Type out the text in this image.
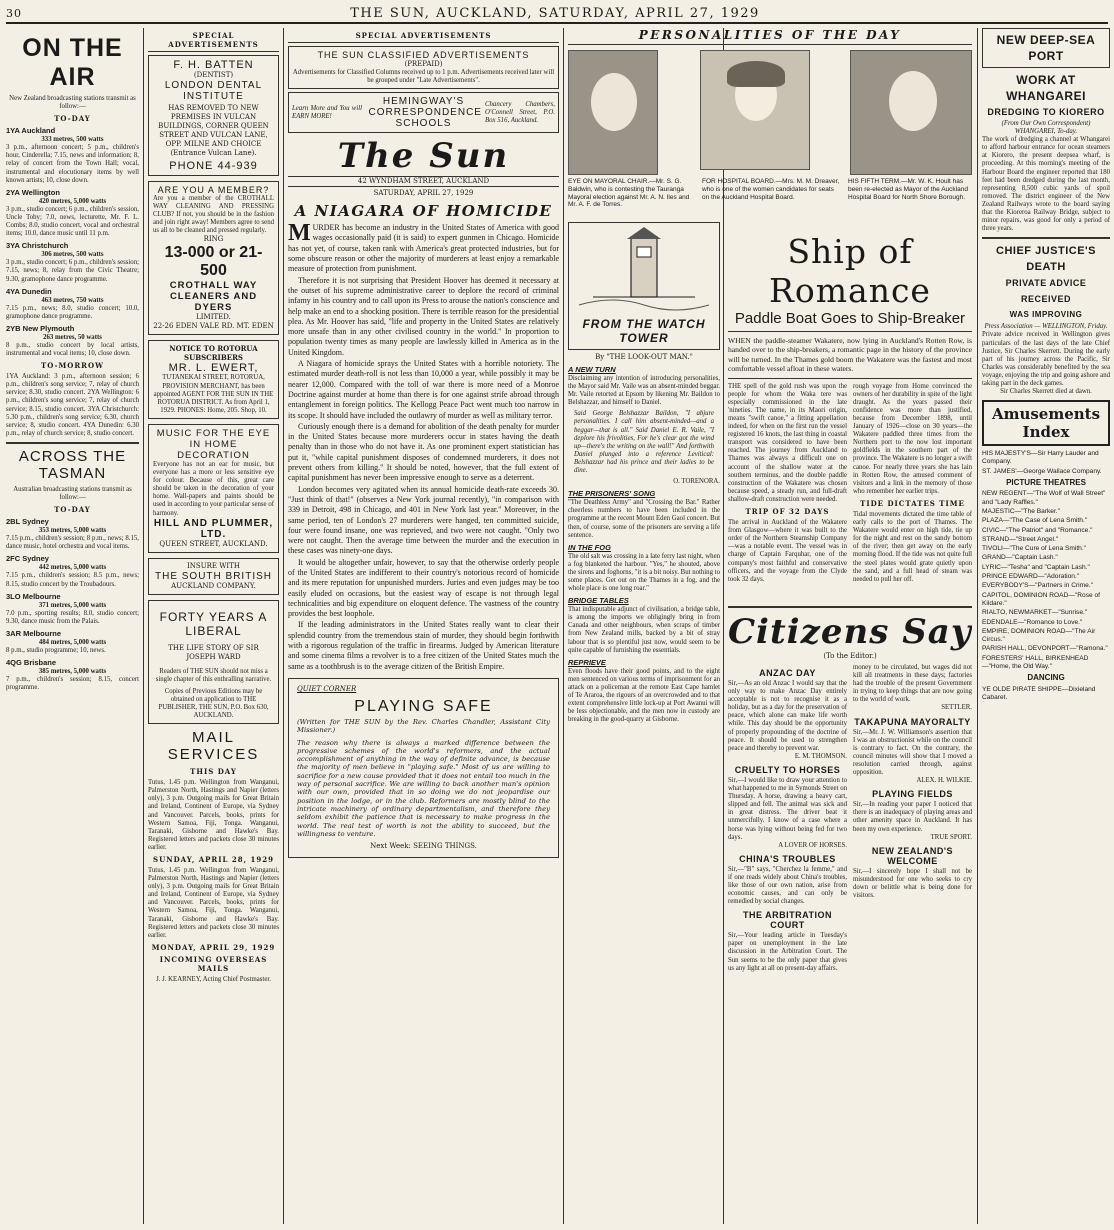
30	THE SUN, AUCKLAND, SATURDAY, APRIL 27, 1929
ON THE AIR
New Zealand broadcasting stations transmit as follow:—
TO-DAY
1YA Auckland
333 metres, 500 watts
3 p.m., afternoon concert; 5 p.m., children's hour, Cinderella; 7.15, news and information; 8, relay of concert from the Town Hall; vocal, instrumental and elocutionary items by well known artists; 10, close down.
2YA Wellington
420 metres, 5,000 watts
3 p.m., studio concert; 6 p.m., children's session, Uncle Toby; 7.0, news, lecturette, Mr. F. L. Combs; 8.0, studio concert, vocal and orchestral items; 10.0, dance music until 11 p.m.
3YA Christchurch
306 metres, 500 watts
3 p.m., studio concert; 6 p.m., children's session; 7.15, news; 8, relay from the Civic Theatre; 9.30, gramophone dance programme.
4YA Dunedin
463 metres, 750 watts
7.15 p.m., news; 8.0, studio concert; 10.0, gramophone dance programme.
2YB New Plymouth
263 metres, 50 watts
8 p.m., studio concert by local artists, instrumental and vocal items; 10, close down.
TO-MORROW
1YA Auckland: 3 p.m., afternoon session; 6 p.m., children's song service; 7, relay of church service; 8.30, studio concert. 2YA Wellington: 6 p.m., children's song service; 7, relay of church service; 8.15, studio concert. 3YA Christchurch: 5.30 p.m., children's song service; 6.30, church service; 8, studio concert. 4YA Dunedin: 6.30 p.m., relay of church service; 8, studio concert.
ACROSS THE TASMAN
Australian broadcasting stations transmit as follow:—
TO-DAY
2BL Sydney
353 metres, 5,000 watts
7.15 p.m., children's session; 8 p.m., news; 8.15, dance music, hotel orchestra and vocal items.
2FC Sydney
442 metres, 5,000 watts
7.15 p.m., children's session; 8.5 p.m., news; 8.15, studio concert by the Troubadours.
3LO Melbourne
371 metres, 5,000 watts
7.0 p.m., sporting results; 8.0, studio concert; 9.30, dance music from the Palais.
3AR Melbourne
484 metres, 5,000 watts
8 p.m., studio programme; 10, news.
4QG Brisbane
385 metres, 5,000 watts
7 p.m., children's session; 8.15, concert programme.
SPECIAL ADVERTISEMENTS
F. H. BATTEN
(DENTIST)
LONDON DENTAL INSTITUTE
HAS REMOVED TO NEW PREMISES IN VULCAN BUILDINGS, CORNER QUEEN STREET AND VULCAN LANE, OPP. MILNE AND CHOICE (Entrance Vulcan Lane).
PHONE 44-939
ARE YOU A MEMBER?
Are you a member of the CROTHALL WAY CLEANING AND PRESSING CLUB? If not, you should be in the fashion and join right away! Members agree to send us all to be cleaned and pressed regularly.
RING
13-000 or 21-500
CROTHALL WAY CLEANERS AND DYERS
LIMITED.
22-26 EDEN VALE RD. MT. EDEN
NOTICE TO ROTORUA SUBSCRIBERS
MR. L. EWERT,
TUTANEKAI STREET, ROTORUA, PROVISION MERCHANT, has been appointed AGENT FOR THE SUN IN THE ROTORUA DISTRICT. As from April 1, 1929. PHONES: Home, 205. Shop, 10.
MUSIC FOR THE EYE IN HOME DECORATION
Everyone has not an ear for music, but everyone has a more or less sensitive eye for colour. Because of this, great care should be taken in the decoration of your home. Wall-papers and paints should be used in according to your particular sense of harmony.
HILL AND PLUMMER, LTD.
QUEEN STREET, AUCKLAND.
INSURE WITH
THE SOUTH BRITISH
AUCKLAND COMPANY.
FORTY YEARS A LIBERAL
THE LIFE STORY OF SIR JOSEPH WARD
Readers of THE SUN should not miss a single chapter of this enthralling narrative.
Copies of Previous Editions may be obtained on application to THE PUBLISHER, THE SUN, P.O. Box 630, AUCKLAND.
MAIL SERVICES
THIS DAY
Tutus, 1.45 p.m. Wellington from Wanganui, Palmerston North, Hastings and Napier (letters only), 3 p.m. Outgoing mails for Great Britain and Ireland, Continent of Europe, via Sydney and Vancouver. Parcels, books, prints for Western Samoa, Fiji, Tonga. Wanganui, Taranaki, Gisborne and Hawke's Bay. Registered letters and packets close 30 minutes earlier.
SUNDAY, APRIL 28, 1929
Tutus, 1.45 p.m. Wellington from Wanganui, Palmerston North, Hastings and Napier (letters only), 3 p.m. Outgoing mails for Great Britain and Ireland, Continent of Europe, via Sydney and Vancouver. Parcels, books, prints for Western Samoa, Fiji, Tonga. Wanganui, Taranaki, Gisborne and Hawke's Bay. Registered letters and packets close 30 minutes earlier.
MONDAY, APRIL 29, 1929
INCOMING OVERSEAS MAILS
J. J. KEARNEY, Acting Chief Postmaster.
SPECIAL ADVERTISEMENTS
THE SUN CLASSIFIED ADVERTISEMENTS
(PREPAID)
Advertisements for Classified Columns received up to 1 p.m. Advertisements received later will be grouped under "Late Advertisements".
Learn More and You will EARN MORE!
HEMINGWAY'S CORRESPONDENCE SCHOOLS
Chancery Chambers, O'Connell Street, P.O. Box 516, Auckland.
The Sun
42 WYNDHAM STREET, AUCKLAND
SATURDAY, APRIL 27, 1929
A NIAGARA OF HOMICIDE

MURDER has become an industry in the United States of America with good wages occasionally paid (it is said) to expert gunmen in Chicago. Homicide has not yet, of course, taken rank with America's great protected industries, but for some obscure reason or other the majority of murderers at least enjoy a remarkable measure of protection from punishment.

Therefore it is not surprising that President Hoover has deemed it necessary at the outset of his supreme administrative career to deplore the record of criminal infamy in his country and to call upon its Press to arouse the nation's conscience and help make an end to a shocking position. There is terrible reason for the presidential plea. As Mr. Hoover has said, "life and property in the United States are relatively more unsafe than in any other civilised country in the world." In proportion to population twenty times as many people are lawlessly killed in America as in the United Kingdom.

A Niagara of homicide sprays the United States with a horrible notoriety. The estimated murder death-roll is not less than 10,000 a year, while possibly it may be nearer 12,000. Compared with the toll of war there is more need of a Monroe Doctrine against murder at home than there is for one against strife abroad through entanglement in foreign politics. The Kellogg Peace Pact went much too narrow in its scope. It should have included the outlawry of murder as well as military terror.

Curiously enough there is a demand for abolition of the death penalty for murder in the United States because more murderers occur in states having the death penalty than in those who do not have it. As one prominent expert statistician has put it, "while capital punishment disposes of condemned murderers, it does not prevent others from killing." It should be noted, however, that the full extent of capital punishment has never been impressive enough to serve as a deterrent.

London becomes very agitated when its annual homicide death-rate exceeds 30. "Just think of that!" (observes a New York journal recently), "in comparison with 339 in Detroit, 498 in Chicago, and 401 in New York last year." Moreover, in the same period, ten of London's 27 murderers were hanged, ten committed suicide, four were found insane, one was reprieved, and two were not caught. "Only two were not caught. Then the average time between the murder and the execution in these cases was ninety-one days.

It would be altogether unfair, however, to say that the otherwise orderly people of the United States are indifferent to their country's notorious record of homicide and its mere reputation for unpunished murders. Juries and even judges may be too easily eluded on occasions, but the easiest way of escape is not through legal technicalities and big expenditure on eloquent defence. The vastness of the country provides the best loophole.

If the leading administrators in the United States really want to clear their splendid country from the tremendous stain of murder, they should begin forthwith with a rigorous regulation of the traffic in firearms. Judged by American literature and some cinema films a revolver is to a free citizen of the United States much the same as a toothbrush is to the average citizen of the British Empire.

QUIET CORNER
PLAYING SAFE
(Written for THE SUN by the Rev. Charles Chandler, Assistant City Missioner.)
The reason why there is always a marked difference between the progressive schemes of the world's reformers, and the actual accomplishment of anything in the way of definite advance, is because the majority of men believe in "playing safe." Most of us are willing to sacrifice for a new cause provided that it does not entail too much in the way of personal sacrifice. We are willing to back another man's opinion with our own, provided that in so doing we do not jeopardise our position in the lodge, or in the club. Reformers are mostly blind to the intricate machinery of ordinary departmentalism, and therefore they seldom exhibit the patience that is necessary to make progress in the world. The real test of worth is not the ability to succeed, but the willingness to venture.
Next Week: SEEING THINGS.
PERSONALITIES OF THE DAY
EYE ON MAYORAL CHAIR.—Mr. S. G. Baldwin, who is contesting the Tauranga Mayoral election against Mr. A. N. Iles and Mr. A. F. de Torres.
FOR HOSPITAL BOARD.—Mrs. M. M. Dreaver, who is one of the women candidates for seats on the Auckland Hospital Board.
HIS FIFTH TERM.—Mr. W. K. Hoult has been re-elected as Mayor of the Auckland Hospital Board for North Shore Borough.
FROM THE WATCH TOWER
By "THE LOOK-OUT MAN."
A NEW TURN
Disclaiming any intention of introducing personalities, the Mayor said Mr. Vaile was an absent-minded beggar. Mr. Vaile retorted at Epsom by likening Mr. Baildon to Belshazzar, and himself to Daniel.
Said George Belshazzar Baildon, "I abjure personalities. I call him absent-minded—and a beggar—that is all." Said Daniel E. R. Vaile, "I deplore his frivolities, For he's clear got the wind up—there's the writing on the wall!" And forthwith Daniel plunged into a reference Levitical: Belshazzar had his prince and their ladies to be dine.
O. TORENORA.
THE PRISONERS' SONG
"The Deathless Army" and "Crossing the Bar." Rather cheerless numbers to have been included in the programme at the recent Mount Eden Gaol concert. But then, of course, some of the prisoners are serving a life sentence.
IN THE FOG
The old salt was crossing in a late ferry last night, when a fog blanketed the harbour. "Yes," he shouted, above the sirens and foghorns, "it is a bit noisy. But nothing to some places. Get out on the Thames in a fog, and the whole place is one long roar."
BRIDGE TABLES
That indisputable adjunct of civilisation, a bridge table, is among the imports we obligingly bring in from Canada and other neighbours, when scraps of timber from New Zealand mills, backed by a bit of stray labour that is so plentiful just now, would seem to be quite capable of furnishing the essentials.
REPRIEVE
Even floods have their good points, and to the eight men sentenced on various terms of imprisonment for an attack on a policeman at the remote East Cape hamlet of Te Araroa, the rigours of an overcrowded and to that extent comprehensive little lock-up at Port Awanui will be less objectionable, and the men now in custody are breaking in the good-quarry at Gisborne.
Ship of Romance
Paddle Boat Goes to Ship-Breaker
WHEN the paddle-steamer Wakatere, now lying in Auckland's Rotten Row, is handed over to the ship-breakers, a romantic page in the history of the province will be turned. In the Thames gold boom the Wakatere was the fastest and most comfortable vessel afloat in these waters.
THE spell of the gold rush was upon the people for whom the Waka tere was especially commissioned in the late 'nineties. The name, in its Maori origin, means "swift canoe," a fitting appellation indeed, for when on the first run the vessel registered 16 knots, the last thing in coastal transport was considered to have been reached. The journey from Auckland to Thames was always a difficult one on account of the shallow water at the southern terminus, and the double paddle construction of the Wakatere was chosen because speed, a steady run, and full-draft shallow-draft construction were needed.
TRIP OF 32 DAYS
The arrival in Auckland of the Wakatere from Glasgow—where it was built to the order of the Northern Steamship Company—was a notable event. The vessel was in charge of Captain Farquhar, one of the company's most faithful and conservative officers, and the voyage from the Clyde took 32 days.
rough voyage from Home convinced the owners of her durability in spite of the light draught. As the years passed their confidence was more than justified, because from December 1898, until January of 1926—close on 30 years—the Wakatere paddled three times from the Northern port to the now lost important goldfields in the southern part of the province. The Wakatere is no longer a swift canoe. For nearly three years she has lain in Rotten Row, the amused comment of visitors and a link in the memory of those who remember her earlier trips.
TIDE DICTATES TIME
Tidal movements dictated the time table of early calls to the port of Thames. The Wakatere would enter on high tide, tie up for the night and rest on the sandy bottom of the river; then get away on the early morning flood. If the tide was not quite full the steel plates would grate quietly upon the sand, and a full head of steam was needed to pull her off.
Citizens Say
(To the Editor.)
ANZAC DAY
Sir,—As an old Anzac I would say that the only way to make Anzac Day entirely acceptable is not to recognise it as a holiday, but as a day for the preservation of peace, which alone can make life worth while. This day should be the opportunity of properly propounding of the doctrine of peace. It should be used to strengthen peace and thereby to prevent war.
E. M. THOMSON.
CRUELTY TO HORSES
Sir,—I would like to draw your attention to what happened to me in Symonds Street on Thursday. A horse, drawing a heavy cart, slipped and fell. The animal was sick and in great distress. The driver beat it unmercifully. I know of a case where a horse was lying without being fed for two days.
A LOVER OF HORSES.
CHINA'S TROUBLES
Sir,—"B" says, "Cherchez la femme," and if one reads widely about China's troubles, like those of our own nation, arise from economic causes, and can only be remedied by social changes.
THE ARBITRATION COURT
Sir,—Your leading article in Tuesday's paper on unemployment in the late discussion in the Arbitration Court. The Sun seems to be the only paper that gives us any light at all on present-day affairs.
money to be circulated, but wages did not kill all treatments in these days; factories had the trouble of the present Government in trying to keep things that are now going to the world of work.
SETTLER.
TAKAPUNA MAYORALTY
Sir,—Mr. J. W. Williamson's assertion that I was an obstructionist while on the council is contrary to fact. On the contrary, the council minutes will show that I moved a resolution carried through, against opposition.
ALEX. H. WILKIE.
PLAYING FIELDS
Sir,—In reading your paper I noticed that there is an inadequacy of playing areas and other amenity space in Auckland. It has been my own experience.
TRUE SPORT.
NEW ZEALAND'S WELCOME
Sir,—I sincerely hope I shall not be misunderstood for one who seeks to cry down or belittle what is being done for visitors.
NEW DEEP-SEA PORT
WORK AT WHANGAREI
DREDGING TO KIORERO
(From Our Own Correspondent) WHANGAREI, To-day.
The work of dredging a channel at Whangarei to afford harbour entrance for ocean steamers at Kiorero, the present deepsea wharf, is proceeding. At this morning's meeting of the Harbour Board the engineer reported that 180 feet had been dredged during the last month, representing 8,500 cubic yards of spoil removed. The district engineer of the New Zealand Railways wrote to the board saying that the Kioreroa Railway Bridge, subject to minor repairs, was good for only a period of three years.
CHIEF JUSTICE'S DEATH
PRIVATE ADVICE RECEIVED
WAS IMPROVING
Press Association — WELLINGTON, Friday.
Private advice received in Wellington gives particulars of the last days of the late Chief Justice, Sir Charles Skerrett. During the early part of his journey across the Pacific, Sir Charles was considerably benefited by the sea voyage, enjoying the trip and going ashore and taking part in the deck games.
Sir Charles Skerrett died at dawn.
Amusements Index
HIS MAJESTY'S—Sir Harry Lauder and Company.
ST. JAMES'—George Wallace Company.
PICTURE THEATRES
NEW REGENT—"The Wolf of Wall Street" and "Lady Raffles."
MAJESTIC—"The Barker."
PLAZA—"The Case of Lena Smith."
CIVIC—"The Patriot" and "Romance."
STRAND—"Street Angel."
TIVOLI—"The Cure of Lena Smith."
GRAND—"Captain Lash."
LYRIC—"Tesha" and "Captain Lash."
PRINCE EDWARD—"Adoration."
EVERYBODY'S—"Partners in Crime."
CAPITOL, DOMINION ROAD—"Rose of Kildare."
RIALTO, NEWMARKET—"Sunrise."
EDENDALE—"Romance to Love."
EMPIRE, DOMINION ROAD—"The Air Circus."
PARISH HALL, DEVONPORT—"Ramona."
FORESTERS' HALL, BIRKENHEAD—"Home, the Old Way."
DANCING
YE OLDE PIRATE SHIPPE—Dixieland Cabaret.
